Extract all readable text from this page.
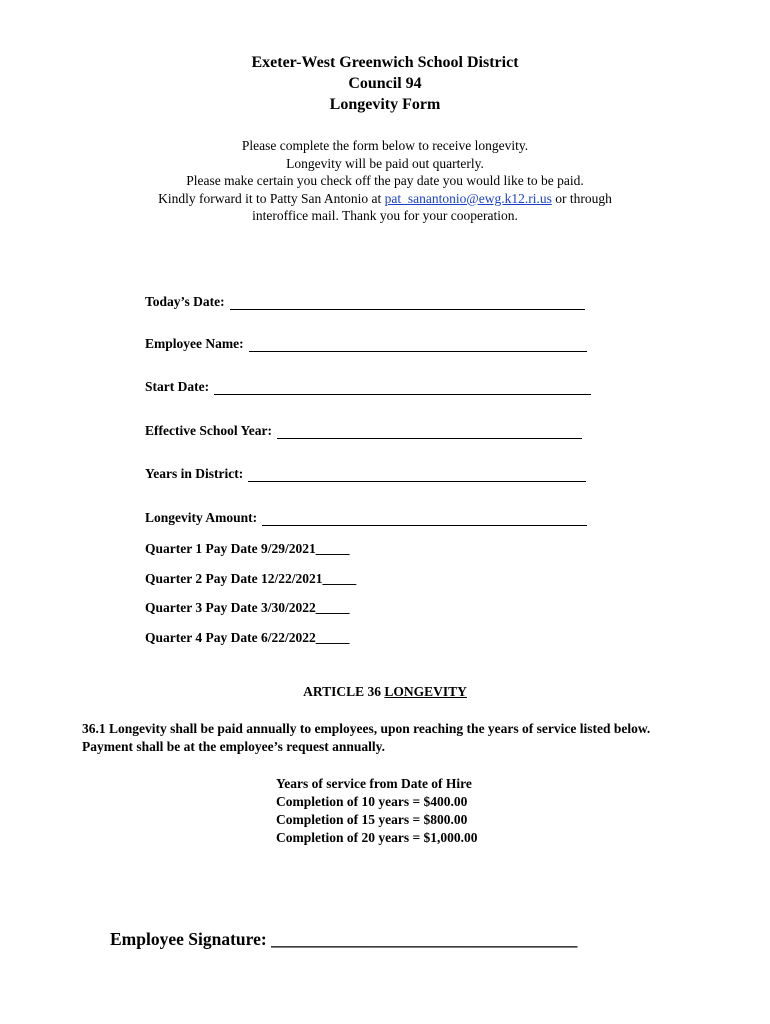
Exeter-West Greenwich School District
Council 94
Longevity Form
Please complete the form below to receive longevity.
Longevity will be paid out quarterly.
Please make certain you check off the pay date you would like to be paid.
Kindly forward it to Patty San Antonio at pat_sanantonio@ewg.k12.ri.us or through
interoffice mail. Thank you for your cooperation.
Today’s Date:
Employee Name:
Start Date:
Effective School Year:
Years in District:
Longevity Amount:
Quarter 1 Pay Date 9/29/2021_____
Quarter 2 Pay Date 12/22/2021_____
Quarter 3 Pay Date 3/30/2022_____
Quarter 4 Pay Date 6/22/2022_____
ARTICLE 36 LONGEVITY
36.1 Longevity shall be paid annually to employees, upon reaching the years of service listed below. Payment shall be at the employee’s request annually.
Years of service from Date of Hire
Completion of 10 years = $400.00
Completion of 15 years = $800.00
Completion of 20 years = $1,000.00
Employee Signature: ___________________________________
